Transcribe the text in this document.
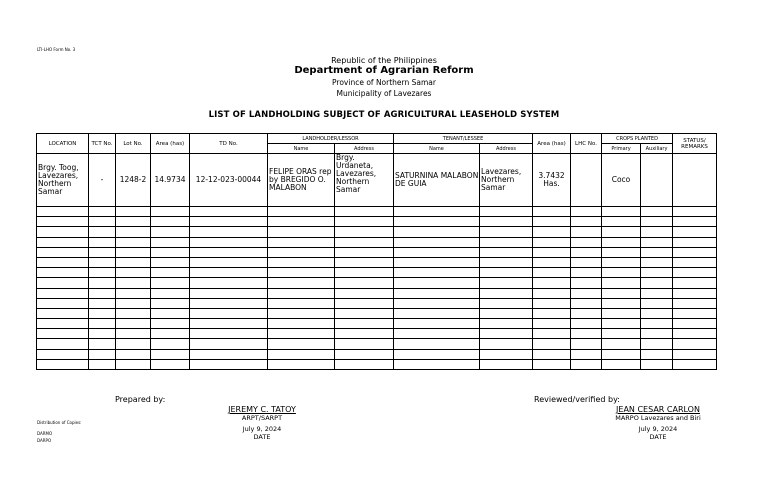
LTI-LHO Form No. 3
Republic of the Philippines
Department of Agrarian Reform
Province of Northern Samar
Municipality of Lavezares
LIST OF LANDHOLDING SUBJECT OF AGRICULTURAL LEASEHOLD SYSTEM
LOCATION	TCT No.	Lot No.	Area (has)	TD No.	LANDHOLDER/LESSOR		TENANT/LESSEE		Area (has)	LHC No.	CROPS PLANTED		STATUS/ REMARKS
					Name	Address	Name	Address			Primary	Auxiliary	
Brgy. Toog, Lavezares, Northern Samar	-	1248-2	14.9734	12-12-023-00044	FELIPE ORAS rep by BREGIDO O. MALABON	Brgy. Urdaneta, Lavezares, Northern Samar	SATURNINA MALABON DE GUIA	Lavezares, Northern Samar	3.7432 Has.		Coco		

Prepared by:
JEREMY C. TATOY
ARPT/SARPT
July 9, 2024
DATE
Distribution of Copies:
DARMO
DARPO
Reviewed/verified by:
JEAN CESAR CARLON
MARPO Lavezares and Biri
July 9, 2024
DATE
